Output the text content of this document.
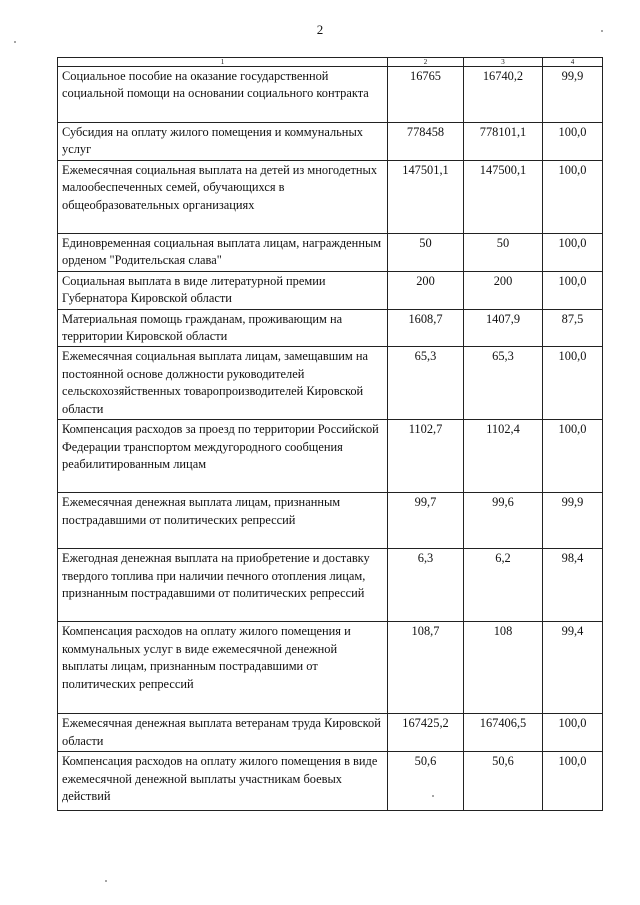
2
1	2	3	4
Социальное пособие на оказание государственной социальной помощи на основании социального контракта	16765	16740,2	99,9
Субсидия на оплату жилого помещения и коммунальных услуг	778458	778101,1	100,0
Ежемесячная социальная выплата на детей из многодетных малообеспеченных семей, обучающихся в общеобразовательных организациях	147501,1	147500,1	100,0
Единовременная социальная выплата лицам, награжденным орденом "Родительская слава"	50	50	100,0
Социальная выплата в виде литературной премии Губернатора Кировской области	200	200	100,0
Материальная помощь гражданам, проживающим на территории Кировской области	1608,7	1407,9	87,5
Ежемесячная социальная выплата лицам, замещавшим на постоянной основе должности руководителей сельскохозяйственных товаропроизводителей Кировской области	65,3	65,3	100,0
Компенсация расходов за проезд по территории Российской Федерации транспортом междугородного сообщения реабилитированным лицам	1102,7	1102,4	100,0
Ежемесячная денежная выплата лицам, признанным пострадавшими от политических репрессий	99,7	99,6	99,9
Ежегодная денежная выплата на приобретение и доставку твердого топлива при наличии печного отопления лицам, признанным пострадавшими от политических репрессий	6,3	6,2	98,4
Компенсация расходов на оплату жилого помещения и коммунальных услуг в виде ежемесячной денежной выплаты лицам, признанным пострадавшими от политических репрессий	108,7	108	99,4
Ежемесячная денежная выплата ветеранам труда Кировской области	167425,2	167406,5	100,0
Компенсация расходов на оплату жилого помещения в виде ежемесячной денежной выплаты участникам боевых действий	50,6	50,6	100,0
